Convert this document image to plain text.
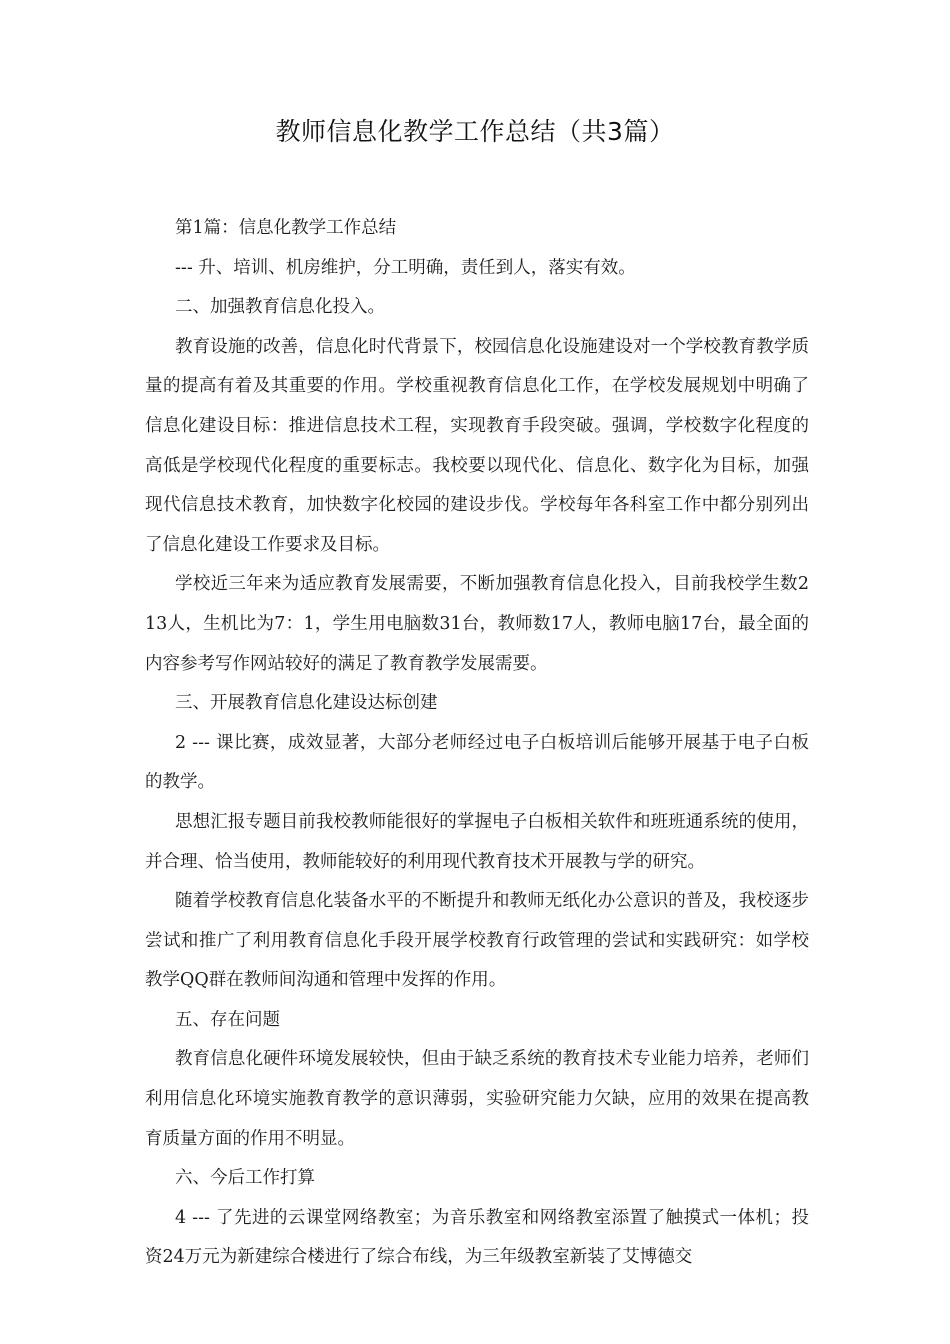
教师信息化教学工作总结（共3篇）

第1篇：信息化教学工作总结

--- 升、培训、机房维护，分工明确，责任到人，落实有效。

二、加强教育信息化投入。

教育设施的改善，信息化时代背景下，校园信息化设施建设对一个学校教育教学质量的提高有着及其重要的作用。学校重视教育信息化工作，在学校发展规划中明确了信息化建设目标：推进信息技术工程，实现教育手段突破。强调，学校数字化程度的高低是学校现代化程度的重要标志。我校要以现代化、信息化、数字化为目标，加强现代信息技术教育，加快数字化校园的建设步伐。学校每年各科室工作中都分别列出了信息化建设工作要求及目标。

学校近三年来为适应教育发展需要，不断加强教育信息化投入，目前我校学生数213人，生机比为7：1，学生用电脑数31台，教师数17人，教师电脑17台，最全面的内容参考写作网站较好的满足了教育教学发展需要。

三、开展教育信息化建设达标创建

2 --- 课比赛，成效显著，大部分老师经过电子白板培训后能够开展基于电子白板的教学。

思想汇报专题目前我校教师能很好的掌握电子白板相关软件和班班通系统的使用，并合理、恰当使用，教师能较好的利用现代教育技术开展教与学的研究。

随着学校教育信息化装备水平的不断提升和教师无纸化办公意识的普及，我校逐步尝试和推广了利用教育信息化手段开展学校教育行政管理的尝试和实践研究：如学校教学QQ群在教师间沟通和管理中发挥的作用。

五、存在问题

教育信息化硬件环境发展较快，但由于缺乏系统的教育技术专业能力培养，老师们利用信息化环境实施教育教学的意识薄弱，实验研究能力欠缺，应用的效果在提高教育质量方面的作用不明显。

六、今后工作打算

4 --- 了先进的云课堂网络教室；为音乐教室和网络教室添置了触摸式一体机；投资24万元为新建综合楼进行了综合布线，为三年级教室新装了艾博德交
